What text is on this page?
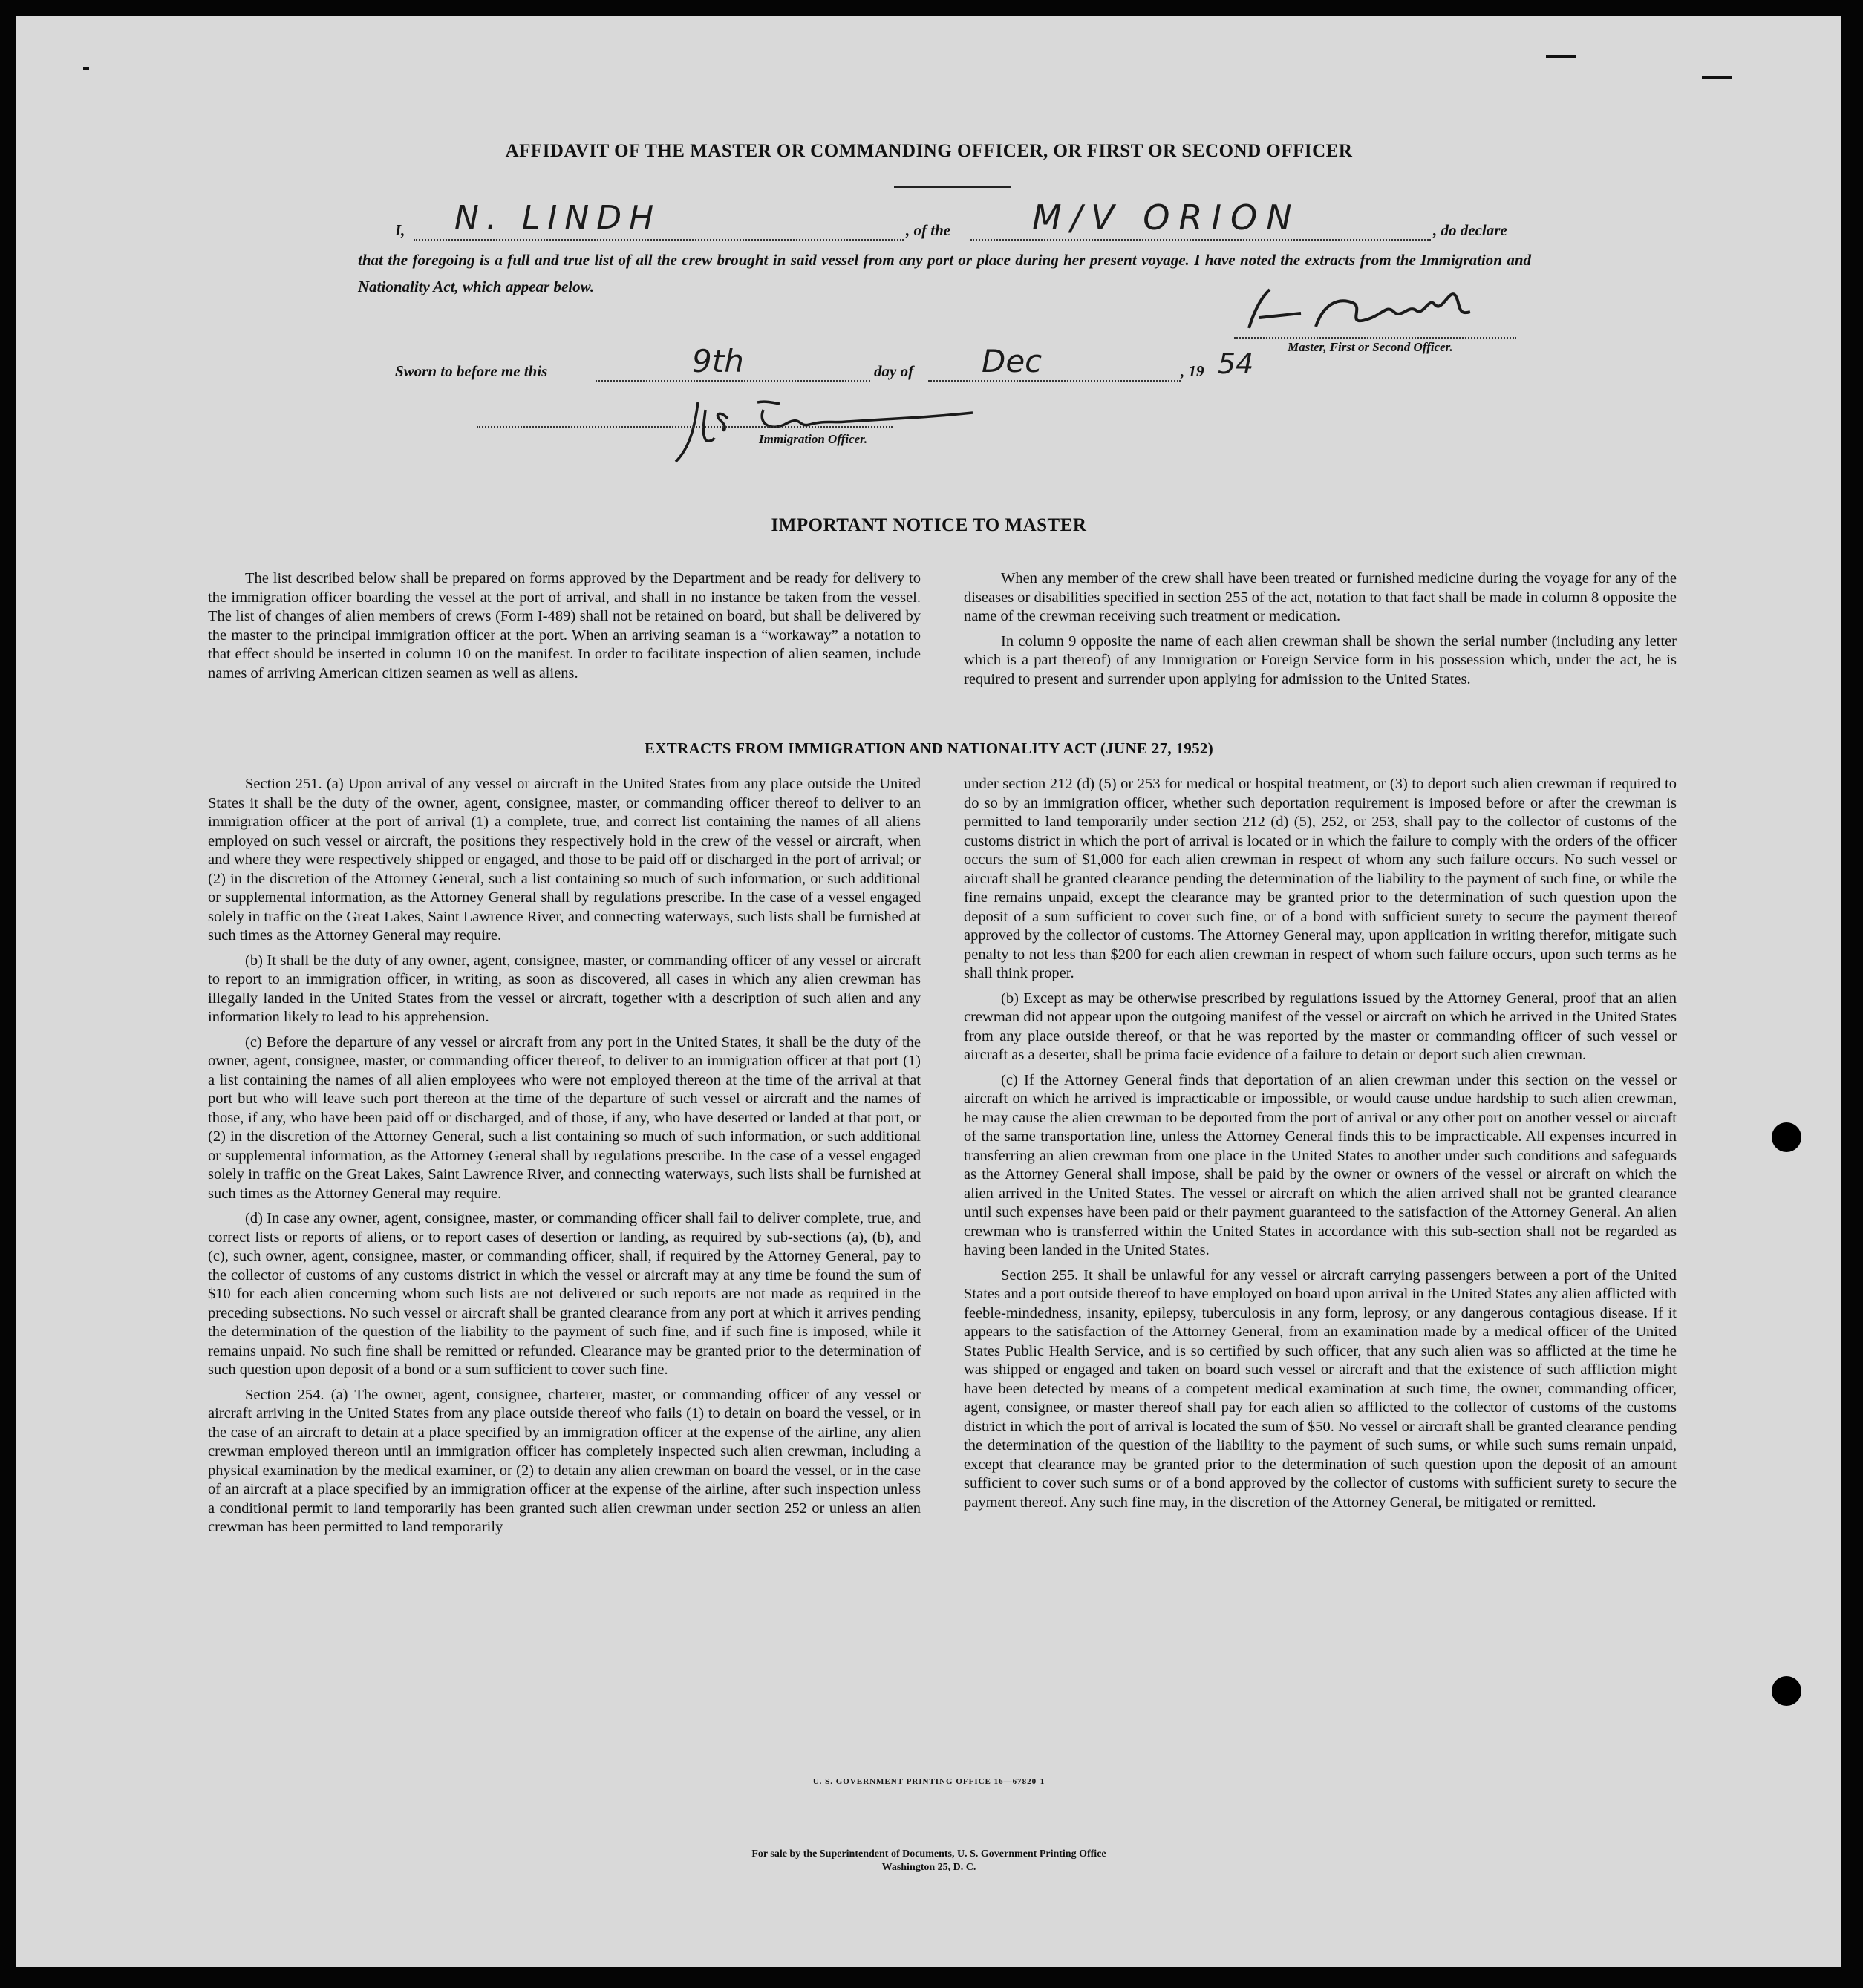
AFFIDAVIT OF THE MASTER OR COMMANDING OFFICER, OR FIRST OR SECOND OFFICER
I, N. LINDH	, of the M/V ORION	, do declare
that the foregoing is a full and true list of all the crew brought in said vessel from any port or place during her present voyage. I have noted the extracts from the Immigration and Nationality Act, which appear below.
Master, First or Second Officer.
Sworn to before me this	9th	day of Dec	, 19 54
Immigration Officer.
IMPORTANT NOTICE TO MASTER

The list described below shall be prepared on forms approved by the Department and be ready for delivery to the immigration officer boarding the vessel at the port of arrival, and shall in no instance be taken from the vessel. The list of changes of alien members of crews (Form I-489) shall not be retained on board, but shall be delivered by the master to the principal immigration officer at the port. When an arriving seaman is a “workaway” a notation to that effect should be inserted in column 10 on the manifest. In order to facilitate inspection of alien seamen, include names of arriving American citizen seamen as well as aliens.

When any member of the crew shall have been treated or furnished medicine during the voyage for any of the diseases or disabilities specified in section 255 of the act, notation to that fact shall be made in column 8 opposite the name of the crewman receiving such treatment or medication.

In column 9 opposite the name of each alien crewman shall be shown the serial number (including any letter which is a part thereof) of any Immigration or Foreign Service form in his possession which, under the act, he is required to present and surrender upon applying for admission to the United States.

EXTRACTS FROM IMMIGRATION AND NATIONALITY ACT (JUNE 27, 1952)

Section 251. (a) Upon arrival of any vessel or aircraft in the United States from any place outside the United States it shall be the duty of the owner, agent, consignee, master, or commanding officer thereof to deliver to an immigration officer at the port of arrival (1) a complete, true, and correct list containing the names of all aliens employed on such vessel or aircraft, the positions they respectively hold in the crew of the vessel or aircraft, when and where they were respectively shipped or engaged, and those to be paid off or discharged in the port of arrival; or (2) in the discretion of the Attorney General, such a list containing so much of such information, or such additional or supplemental information, as the Attorney General shall by regulations prescribe. In the case of a vessel engaged solely in traffic on the Great Lakes, Saint Lawrence River, and connecting waterways, such lists shall be furnished at such times as the Attorney General may require.

(b) It shall be the duty of any owner, agent, consignee, master, or commanding officer of any vessel or aircraft to report to an immigration officer, in writing, as soon as discovered, all cases in which any alien crewman has illegally landed in the United States from the vessel or aircraft, together with a description of such alien and any information likely to lead to his apprehension.

(c) Before the departure of any vessel or aircraft from any port in the United States, it shall be the duty of the owner, agent, consignee, master, or commanding officer thereof, to deliver to an immigration officer at that port (1) a list containing the names of all alien employees who were not employed thereon at the time of the arrival at that port but who will leave such port thereon at the time of the departure of such vessel or aircraft and the names of those, if any, who have been paid off or discharged, and of those, if any, who have deserted or landed at that port, or (2) in the discretion of the Attorney General, such a list containing so much of such information, or such additional or supplemental information, as the Attorney General shall by regulations prescribe. In the case of a vessel engaged solely in traffic on the Great Lakes, Saint Lawrence River, and connecting waterways, such lists shall be furnished at such times as the Attorney General may require.

(d) In case any owner, agent, consignee, master, or commanding officer shall fail to deliver complete, true, and correct lists or reports of aliens, or to report cases of desertion or landing, as required by sub-sections (a), (b), and (c), such owner, agent, consignee, master, or commanding officer, shall, if required by the Attorney General, pay to the collector of customs of any customs district in which the vessel or aircraft may at any time be found the sum of $10 for each alien concerning whom such lists are not delivered or such reports are not made as required in the preceding subsections. No such vessel or aircraft shall be granted clearance from any port at which it arrives pending the determination of the question of the liability to the payment of such fine, and if such fine is imposed, while it remains unpaid. No such fine shall be remitted or refunded. Clearance may be granted prior to the determination of such question upon deposit of a bond or a sum sufficient to cover such fine.

Section 254. (a) The owner, agent, consignee, charterer, master, or commanding officer of any vessel or aircraft arriving in the United States from any place outside thereof who fails (1) to detain on board the vessel, or in the case of an aircraft to detain at a place specified by an immigration officer at the expense of the airline, any alien crewman employed thereon until an immigration officer has completely inspected such alien crewman, including a physical examination by the medical examiner, or (2) to detain any alien crewman on board the vessel, or in the case of an aircraft at a place specified by an immigration officer at the expense of the airline, after such inspection unless a conditional permit to land temporarily has been granted such alien crewman under section 252 or unless an alien crewman has been permitted to land temporarily

under section 212 (d) (5) or 253 for medical or hospital treatment, or (3) to deport such alien crewman if required to do so by an immigration officer, whether such deportation requirement is imposed before or after the crewman is permitted to land temporarily under section 212 (d) (5), 252, or 253, shall pay to the collector of customs of the customs district in which the port of arrival is located or in which the failure to comply with the orders of the officer occurs the sum of $1,000 for each alien crewman in respect of whom any such failure occurs. No such vessel or aircraft shall be granted clearance pending the determination of the liability to the payment of such fine, or while the fine remains unpaid, except the clearance may be granted prior to the determination of such question upon the deposit of a sum sufficient to cover such fine, or of a bond with sufficient surety to secure the payment thereof approved by the collector of customs. The Attorney General may, upon application in writing therefor, mitigate such penalty to not less than $200 for each alien crewman in respect of whom such failure occurs, upon such terms as he shall think proper.

(b) Except as may be otherwise prescribed by regulations issued by the Attorney General, proof that an alien crewman did not appear upon the outgoing manifest of the vessel or aircraft on which he arrived in the United States from any place outside thereof, or that he was reported by the master or commanding officer of such vessel or aircraft as a deserter, shall be prima facie evidence of a failure to detain or deport such alien crewman.

(c) If the Attorney General finds that deportation of an alien crewman under this section on the vessel or aircraft on which he arrived is impracticable or impossible, or would cause undue hardship to such alien crewman, he may cause the alien crewman to be deported from the port of arrival or any other port on another vessel or aircraft of the same transportation line, unless the Attorney General finds this to be impracticable. All expenses incurred in transferring an alien crewman from one place in the United States to another under such conditions and safeguards as the Attorney General shall impose, shall be paid by the owner or owners of the vessel or aircraft on which the alien arrived in the United States. The vessel or aircraft on which the alien arrived shall not be granted clearance until such expenses have been paid or their payment guaranteed to the satisfaction of the Attorney General. An alien crewman who is transferred within the United States in accordance with this sub-section shall not be regarded as having been landed in the United States.

Section 255. It shall be unlawful for any vessel or aircraft carrying passengers between a port of the United States and a port outside thereof to have employed on board upon arrival in the United States any alien afflicted with feeble-mindedness, insanity, epilepsy, tuberculosis in any form, leprosy, or any dangerous contagious disease. If it appears to the satisfaction of the Attorney General, from an examination made by a medical officer of the United States Public Health Service, and is so certified by such officer, that any such alien was so afflicted at the time he was shipped or engaged and taken on board such vessel or aircraft and that the existence of such affliction might have been detected by means of a competent medical examination at such time, the owner, commanding officer, agent, consignee, or master thereof shall pay for each alien so afflicted to the collector of customs of the customs district in which the port of arrival is located the sum of $50. No vessel or aircraft shall be granted clearance pending the determination of the question of the liability to the payment of such sums, or while such sums remain unpaid, except that clearance may be granted prior to the determination of such question upon the deposit of an amount sufficient to cover such sums or of a bond approved by the collector of customs with sufficient surety to secure the payment thereof. Any such fine may, in the discretion of the Attorney General, be mitigated or remitted.

U. S. GOVERNMENT PRINTING OFFICE 16—67820-1
For sale by the Superintendent of Documents, U. S. Government Printing Office
Washington 25, D. C.
